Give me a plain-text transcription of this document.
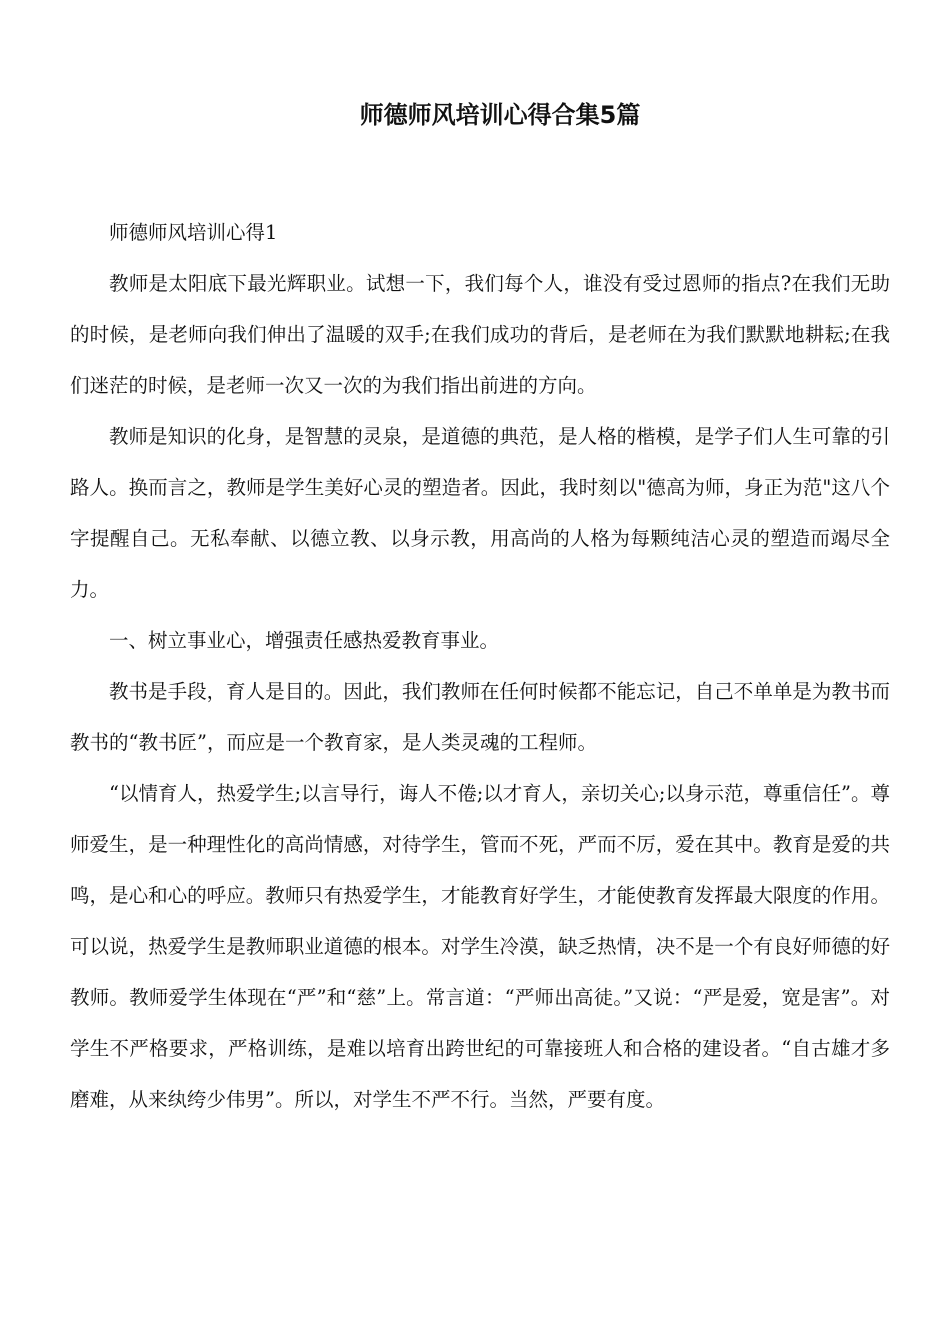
师德师风培训心得合集5篇

师德师风培训心得1

教师是太阳底下最光辉职业。试想一下，我们每个人，谁没有受过恩师的指点?在我们无助的时候，是老师向我们伸出了温暖的双手;在我们成功的背后，是老师在为我们默默地耕耘;在我们迷茫的时候，是老师一次又一次的为我们指出前进的方向。

教师是知识的化身，是智慧的灵泉，是道德的典范，是人格的楷模，是学子们人生可靠的引路人。换而言之，教师是学生美好心灵的塑造者。因此，我时刻以"德高为师，身正为范"这八个字提醒自己。无私奉献、以德立教、以身示教，用高尚的人格为每颗纯洁心灵的塑造而竭尽全力。

一、树立事业心，增强责任感热爱教育事业。

教书是手段，育人是目的。因此，我们教师在任何时候都不能忘记，自己不单单是为教书而教书的“教书匠”，而应是一个教育家，是人类灵魂的工程师。

“以情育人，热爱学生;以言导行，诲人不倦;以才育人，亲切关心;以身示范，尊重信任”。尊师爱生，是一种理性化的高尚情感，对待学生，管而不死，严而不厉，爱在其中。教育是爱的共鸣，是心和心的呼应。教师只有热爱学生，才能教育好学生，才能使教育发挥最大限度的作用。可以说，热爱学生是教师职业道德的根本。对学生冷漠，缺乏热情，决不是一个有良好师德的好教师。教师爱学生体现在“严”和“慈”上。常言道：“严师出高徒。”又说：“严是爱，宽是害”。对学生不严格要求，严格训练，是难以培育出跨世纪的可靠接班人和合格的建设者。“自古雄才多磨难，从来纨绔少伟男”。所以，对学生不严不行。当然，严要有度。
